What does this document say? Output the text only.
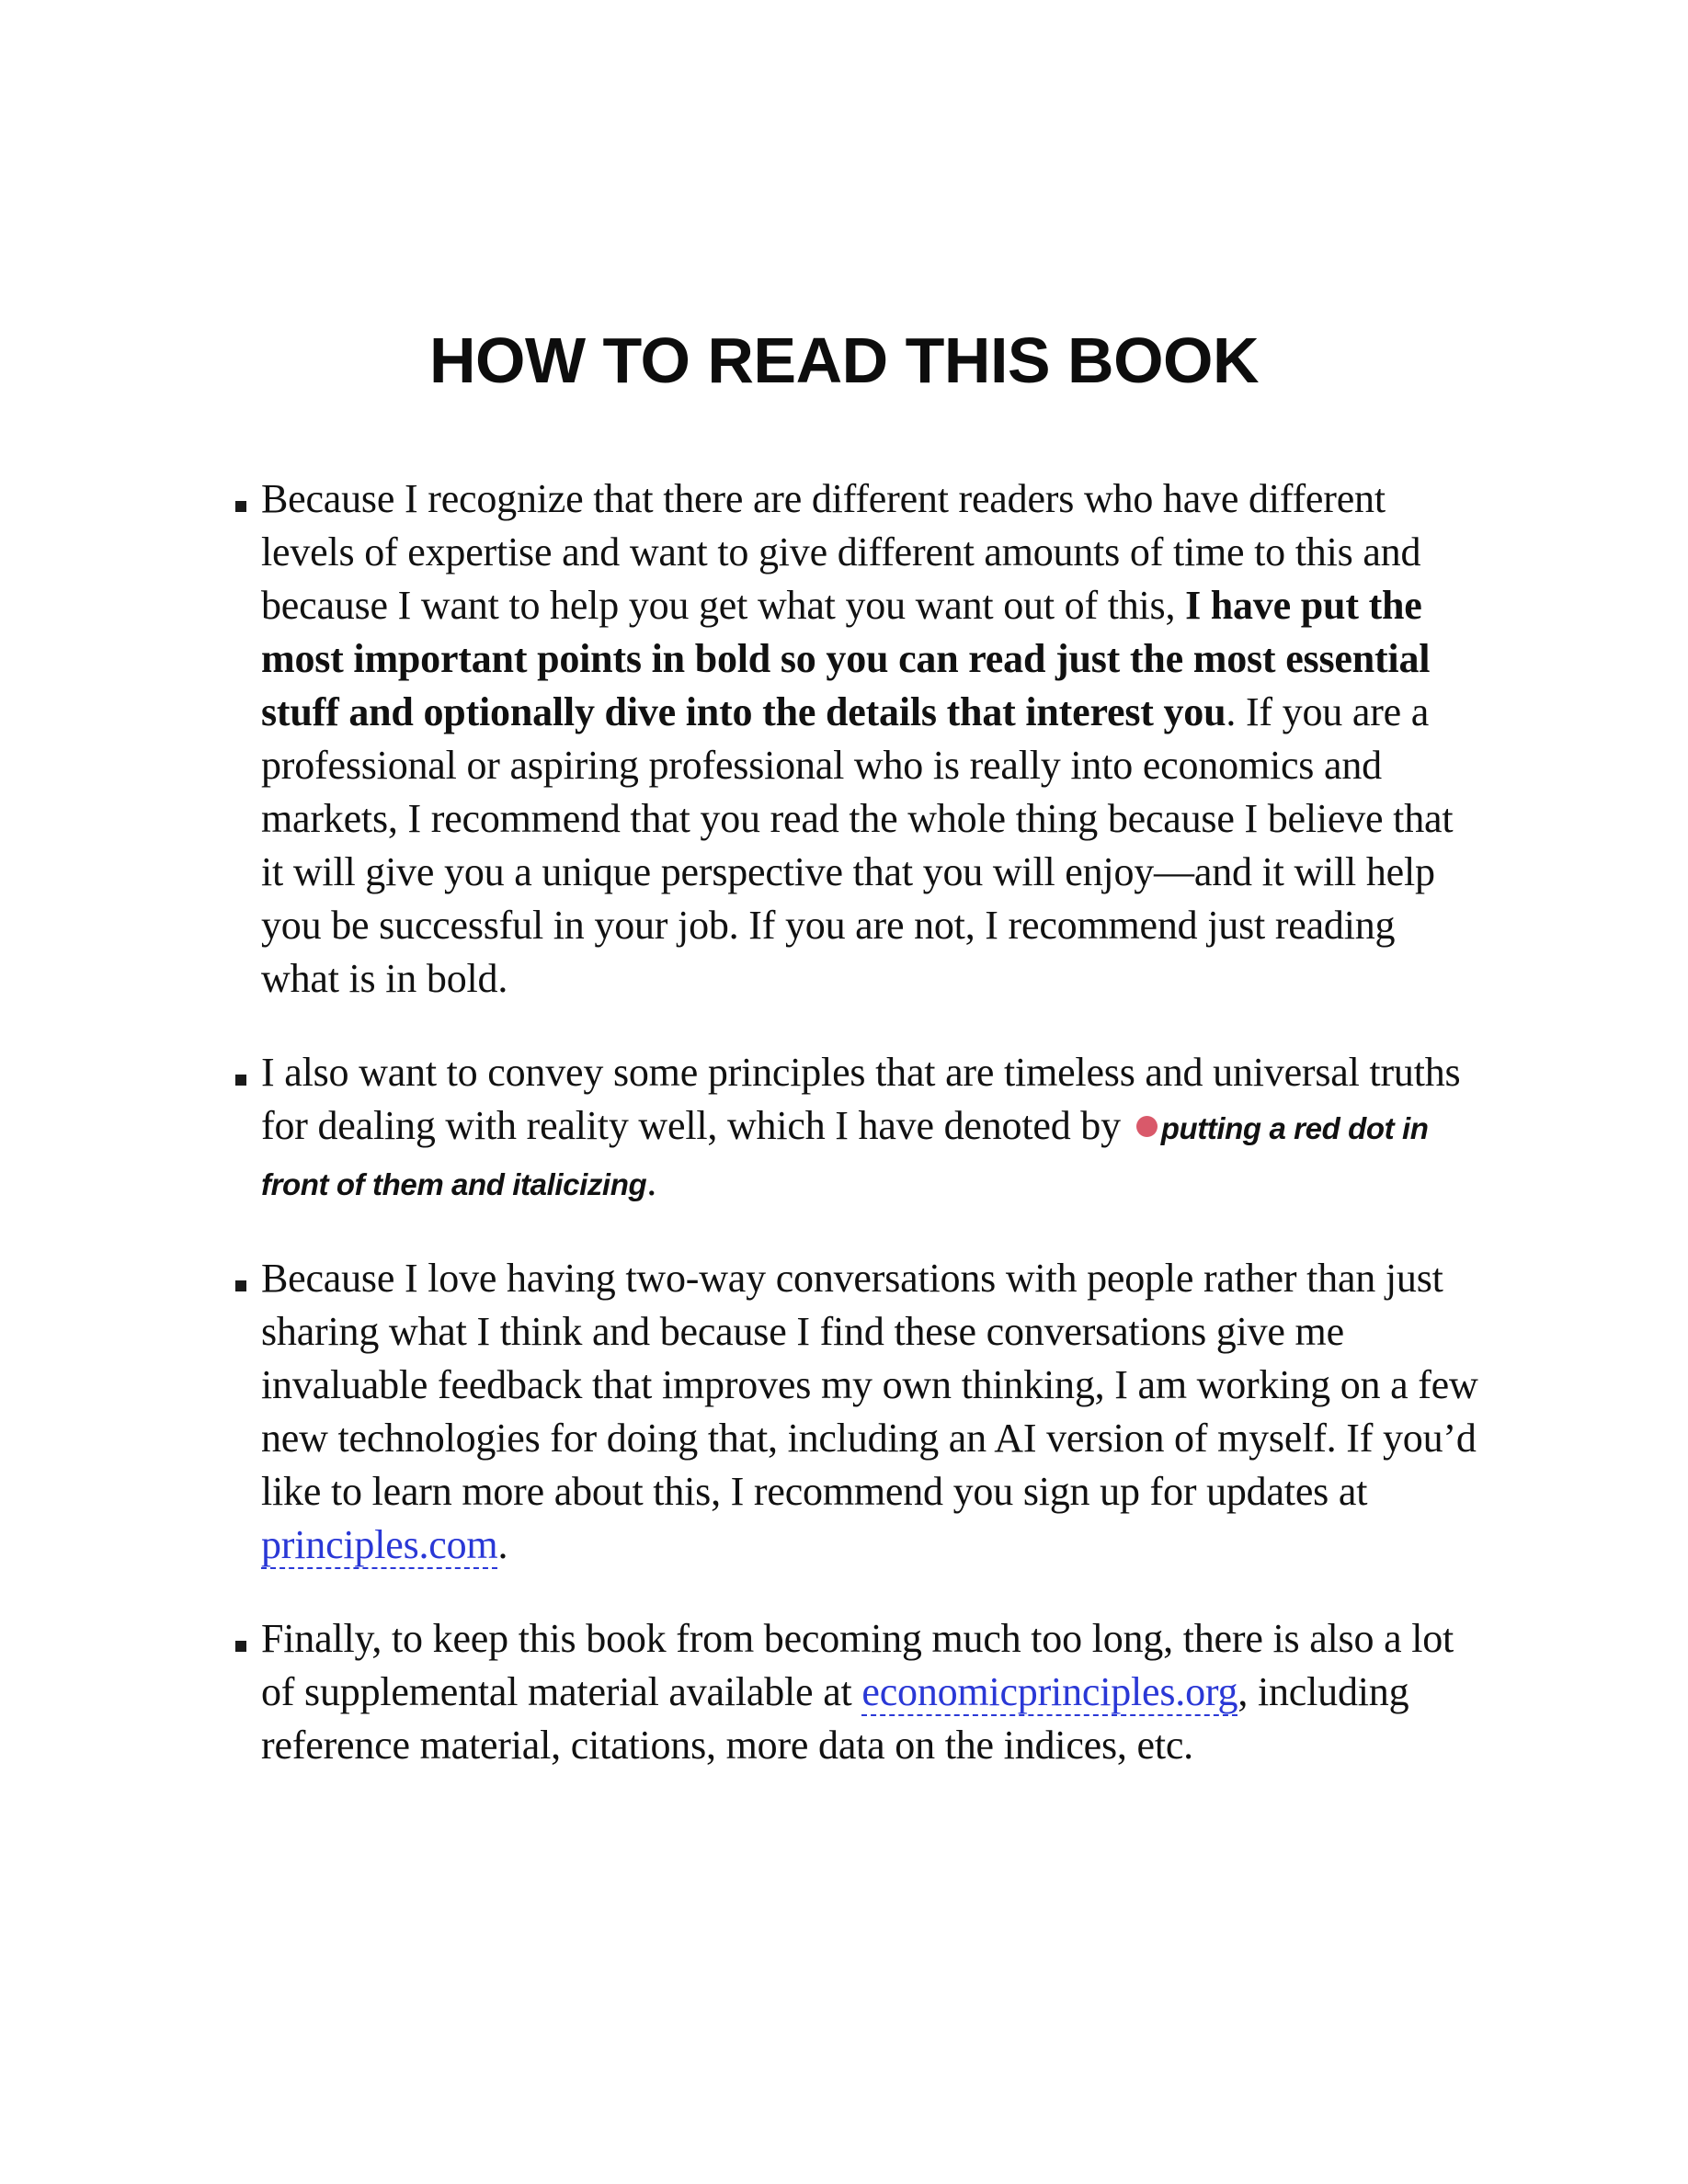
HOW TO READ THIS BOOK
Because I recognize that there are different readers who have different levels of expertise and want to give different amounts of time to this and because I want to help you get what you want out of this, I have put the most important points in bold so you can read just the most essential stuff and optionally dive into the details that interest you. If you are a professional or aspiring professional who is really into economics and markets, I recommend that you read the whole thing because I believe that it will give you a unique perspective that you will enjoy—and it will help you be successful in your job. If you are not, I recommend just reading what is in bold.
I also want to convey some principles that are timeless and universal truths for dealing with reality well, which I have denoted by putting a red dot in front of them and italicizing.
Because I love having two-way conversations with people rather than just sharing what I think and because I find these conversations give me invaluable feedback that improves my own thinking, I am working on a few new technologies for doing that, including an AI version of myself. If you’d like to learn more about this, I recommend you sign up for updates at principles.com.
Finally, to keep this book from becoming much too long, there is also a lot of supplemental material available at economicprinciples.org, including reference material, citations, more data on the indices, etc.
